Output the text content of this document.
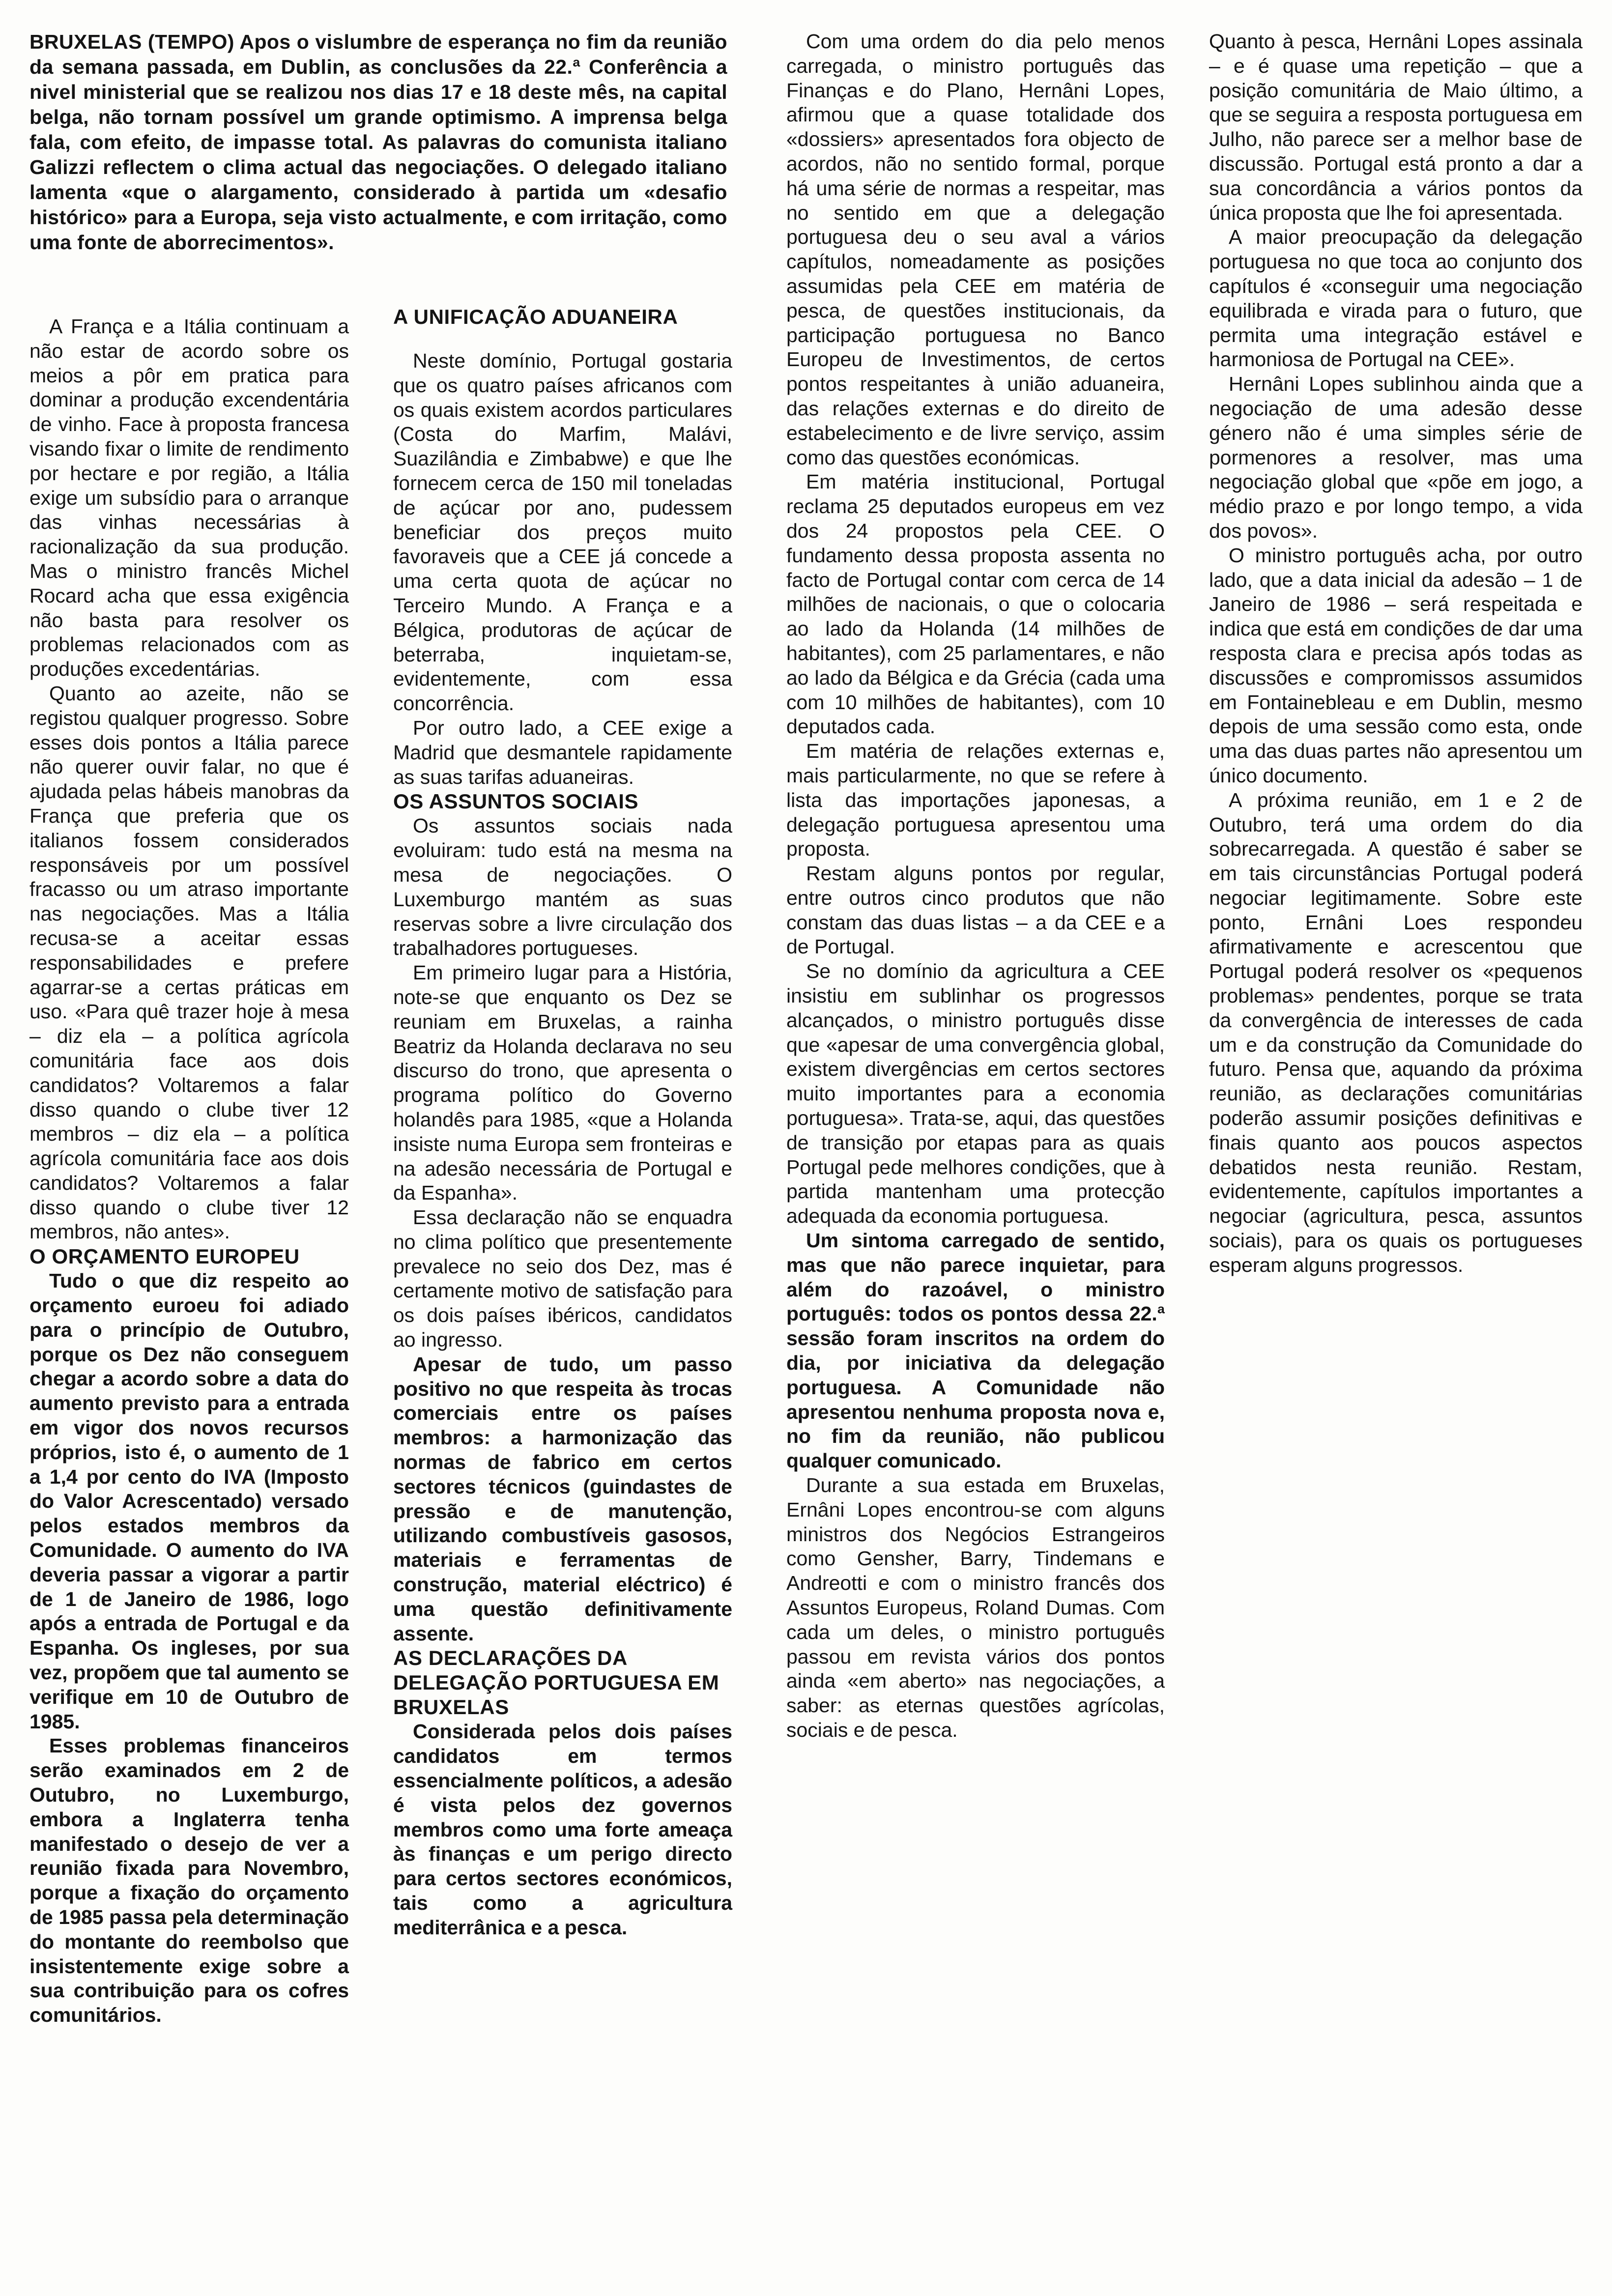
BRUXELAS (TEMPO) Apos o vislumbre de esperança no fim da reunião da semana passada, em Dublin, as conclusões da 22.ª Conferência a nivel ministerial que se realizou nos dias 17 e 18 deste mês, na capital belga, não tornam possível um grande optimismo. A imprensa belga fala, com efeito, de impasse total. As palavras do comunista italiano Galizzi reflectem o clima actual das negociações. O delegado italiano lamenta «que o alargamento, considerado à partida um «desafio histórico» para a Europa, seja visto actualmente, e com irritação, como uma fonte de aborrecimentos».

A França e a Itália continuam a não estar de acordo sobre os meios a pôr em pratica para dominar a produção excendentária de vinho. Face à proposta francesa visando fixar o limite de rendimento por hectare e por região, a Itália exige um subsídio para o arranque das vinhas necessárias à racionalização da sua produção. Mas o ministro francês Michel Rocard acha que essa exigência não basta para resolver os problemas relacionados com as produções excedentárias.

Quanto ao azeite, não se registou qualquer progresso. Sobre esses dois pontos a Itália parece não querer ouvir falar, no que é ajudada pelas hábeis manobras da França que preferia que os italianos fossem considerados responsáveis por um possível fracasso ou um atraso importante nas negociações. Mas a Itália recusa-se a aceitar essas responsabilidades e prefere agarrar-se a certas práticas em uso. «Para quê trazer hoje à mesa – diz ela – a política agrícola comunitária face aos dois candidatos? Voltaremos a falar disso quando o clube tiver 12 membros – diz ela – a política agrícola comunitária face aos dois candidatos? Voltaremos a falar disso quando o clube tiver 12 membros, não antes».

O ORÇAMENTO EUROPEU

Tudo o que diz respeito ao orçamento euroeu foi adiado para o princípio de Outubro, porque os Dez não conseguem chegar a acordo sobre a data do aumento previsto para a entrada em vigor dos novos recursos próprios, isto é, o aumento de 1 a 1,4 por cento do IVA (Imposto do Valor Acrescentado) versado pelos estados membros da Comunidade. O aumento do IVA deveria passar a vigorar a partir de 1 de Janeiro de 1986, logo após a entrada de Portugal e da Espanha. Os ingleses, por sua vez, propõem que tal aumento se verifique em 10 de Outubro de 1985.

Esses problemas financeiros serão examinados em 2 de Outubro, no Luxemburgo, embora a Inglaterra tenha manifestado o desejo de ver a reunião fixada para Novembro, porque a fixação do orçamento de 1985 passa pela determinação do montante do reembolso que insistentemente exige sobre a sua contribuição para os cofres comunitários.

A UNIFICAÇÃO ADUANEIRA

Neste domínio, Portugal gostaria que os quatro países africanos com os quais existem acordos particulares (Costa do Marfim, Malávi, Suazilândia e Zimbabwe) e que lhe fornecem cerca de 150 mil toneladas de açúcar por ano, pudessem beneficiar dos preços muito favoraveis que a CEE já concede a uma certa quota de açúcar no Terceiro Mundo. A França e a Bélgica, produtoras de açúcar de beterraba, inquietam-se, evidentemente, com essa concorrência.

Por outro lado, a CEE exige a Madrid que desmantele rapidamente as suas tarifas aduaneiras.

OS ASSUNTOS SOCIAIS

Os assuntos sociais nada evoluiram: tudo está na mesma na mesa de negociações. O Luxemburgo mantém as suas reservas sobre a livre circulação dos trabalhadores portugueses.

Em primeiro lugar para a História, note-se que enquanto os Dez se reuniam em Bruxelas, a rainha Beatriz da Holanda declarava no seu discurso do trono, que apresenta o programa político do Governo holandês para 1985, «que a Holanda insiste numa Europa sem fronteiras e na adesão necessária de Portugal e da Espanha».

Essa declaração não se enquadra no clima político que presentemente prevalece no seio dos Dez, mas é certamente motivo de satisfação para os dois países ibéricos, candidatos ao ingresso.

Apesar de tudo, um passo positivo no que respeita às trocas comerciais entre os países membros: a harmonização das normas de fabrico em certos sectores técnicos (guindastes de pressão e de manutenção, utilizando combustíveis gasosos, materiais e ferramentas de construção, material eléctrico) é uma questão definitivamente assente.

AS DECLARAÇÕES DA DELEGAÇÃO PORTUGUESA EM BRUXELAS

Considerada pelos dois países candidatos em termos essencialmente políticos, a adesão é vista pelos dez governos membros como uma forte ameaça às finanças e um perigo directo para certos sectores económicos, tais como a agricultura mediterrânica e a pesca.

Com uma ordem do dia pelo menos carregada, o ministro português das Finanças e do Plano, Hernâni Lopes, afirmou que a quase totalidade dos «dossiers» apresentados fora objecto de acordos, não no sentido formal, porque há uma série de normas a respeitar, mas no sentido em que a delegação portuguesa deu o seu aval a vários capítulos, nomeadamente as posições assumidas pela CEE em matéria de pesca, de questões institucionais, da participação portuguesa no Banco Europeu de Investimentos, de certos pontos respeitantes à união aduaneira, das relações externas e do direito de estabelecimento e de livre serviço, assim como das questões económicas.

Em matéria institucional, Portugal reclama 25 deputados europeus em vez dos 24 propostos pela CEE. O fundamento dessa proposta assenta no facto de Portugal contar com cerca de 14 milhões de nacionais, o que o colocaria ao lado da Holanda (14 milhões de habitantes), com 25 parlamentares, e não ao lado da Bélgica e da Grécia (cada uma com 10 milhões de habitantes), com 10 deputados cada.

Em matéria de relações externas e, mais particularmente, no que se refere à lista das importações japonesas, a delegação portuguesa apresentou uma proposta.

Restam alguns pontos por regular, entre outros cinco produtos que não constam das duas listas – a da CEE e a de Portugal.

Se no domínio da agricultura a CEE insistiu em sublinhar os progressos alcançados, o ministro português disse que «apesar de uma convergência global, existem divergências em certos sectores muito importantes para a economia portuguesa». Trata-se, aqui, das questões de transição por etapas para as quais Portugal pede melhores condições, que à partida mantenham uma protecção adequada da economia portuguesa.

Um sintoma carregado de sentido, mas que não parece inquietar, para além do razoável, o ministro português: todos os pontos dessa 22.ª sessão foram inscritos na ordem do dia, por iniciativa da delegação portuguesa. A Comunidade não apresentou nenhuma proposta nova e, no fim da reunião, não publicou qualquer comunicado.

Durante a sua estada em Bruxelas, Ernâni Lopes encontrou-se com alguns ministros dos Negócios Estrangeiros como Gensher, Barry, Tindemans e Andreotti e com o ministro francês dos Assuntos Europeus, Roland Dumas. Com cada um deles, o ministro português passou em revista vários dos pontos ainda «em aberto» nas negociações, a saber: as eternas questões agrícolas, sociais e de pesca.

Quanto à pesca, Hernâni Lopes assinala – e é quase uma repetição – que a posição comunitária de Maio último, a que se seguira a resposta portuguesa em Julho, não parece ser a melhor base de discussão. Portugal está pronto a dar a sua concordância a vários pontos da única proposta que lhe foi apresentada.

A maior preocupação da delegação portuguesa no que toca ao conjunto dos capítulos é «conseguir uma negociação equilibrada e virada para o futuro, que permita uma integração estável e harmoniosa de Portugal na CEE».

Hernâni Lopes sublinhou ainda que a negociação de uma adesão desse género não é uma simples série de pormenores a resolver, mas uma negociação global que «põe em jogo, a médio prazo e por longo tempo, a vida dos povos».

O ministro português acha, por outro lado, que a data inicial da adesão – 1 de Janeiro de 1986 – será respeitada e indica que está em condições de dar uma resposta clara e precisa após todas as discussões e compromissos assumidos em Fontainebleau e em Dublin, mesmo depois de uma sessão como esta, onde uma das duas partes não apresentou um único documento.

A próxima reunião, em 1 e 2 de Outubro, terá uma ordem do dia sobrecarregada. A questão é saber se em tais circunstâncias Portugal poderá negociar legitimamente. Sobre este ponto, Ernâni Loes respondeu afirmativamente e acrescentou que Portugal poderá resolver os «pequenos problemas» pendentes, porque se trata da convergência de interesses de cada um e da construção da Comunidade do futuro. Pensa que, aquando da próxima reunião, as declarações comunitárias poderão assumir posições definitivas e finais quanto aos poucos aspectos debatidos nesta reunião. Restam, evidentemente, capítulos importantes a negociar (agricultura, pesca, assuntos sociais), para os quais os portugueses esperam alguns progressos.
